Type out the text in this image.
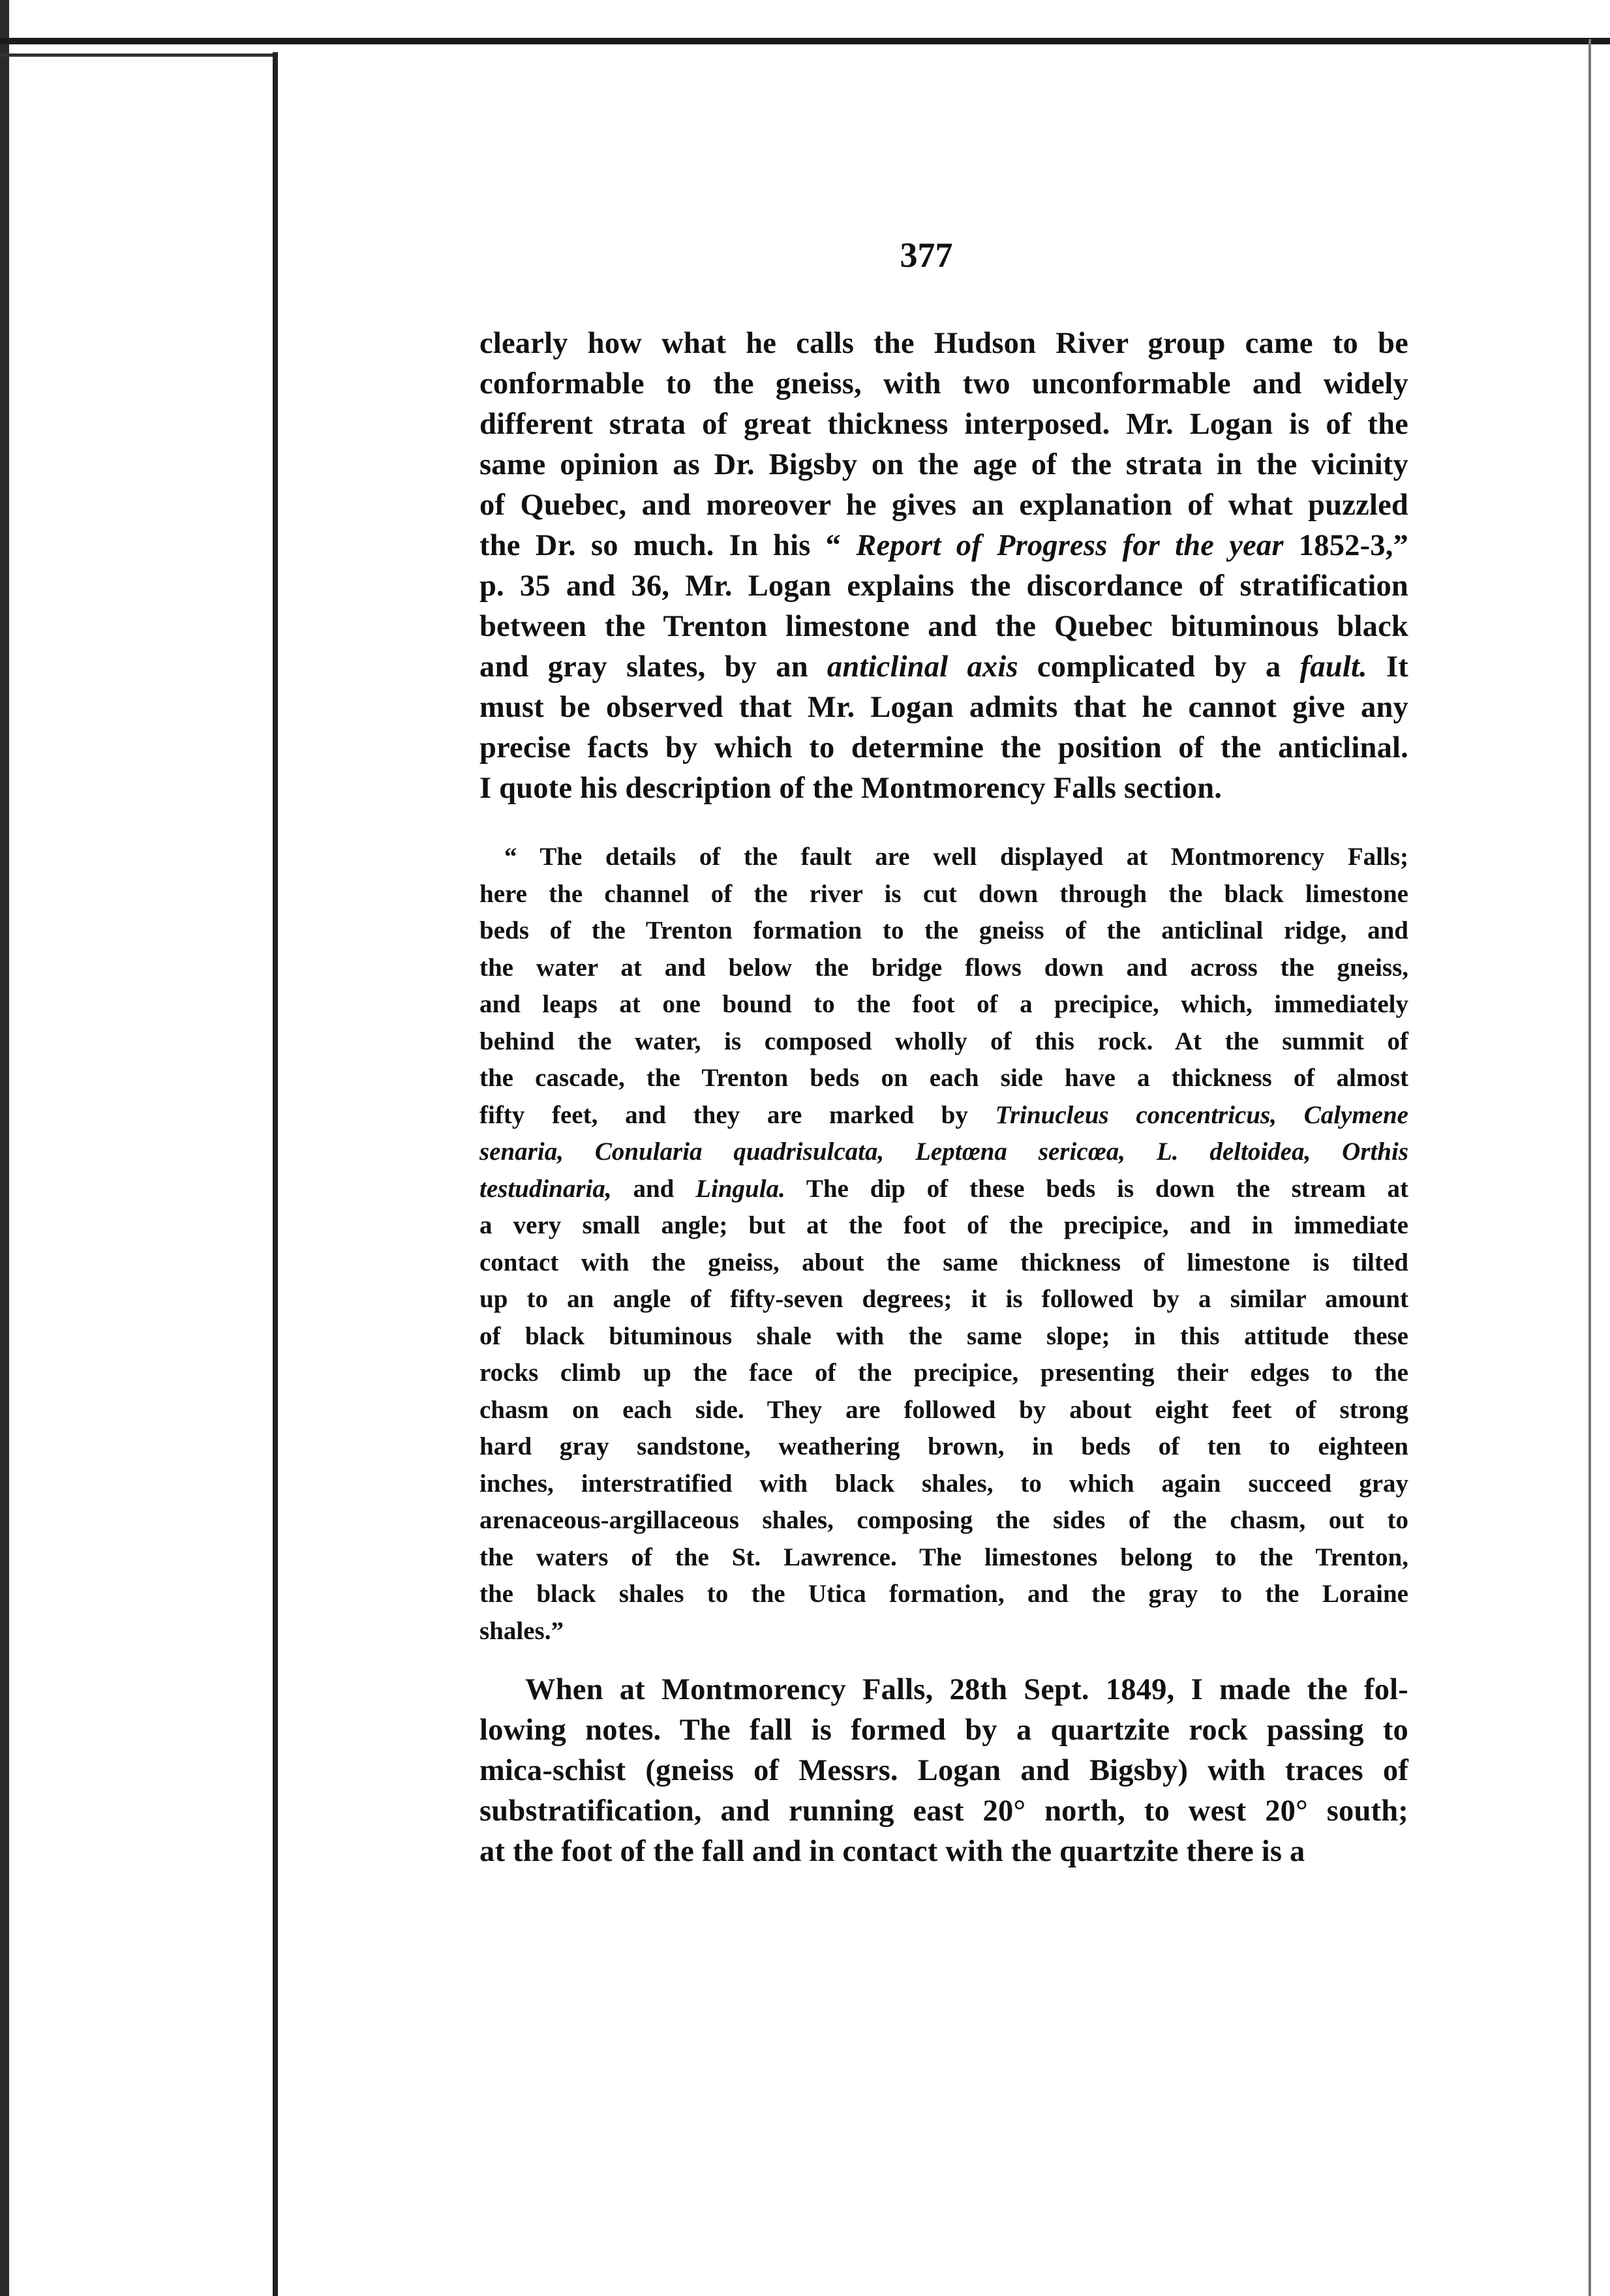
377
clearly how what he calls the Hudson River group came to be
conformable to the gneiss, with two unconformable and widely
different strata of great thickness interposed. Mr. Logan is of the
same opinion as Dr. Bigsby on the age of the strata in the vicinity
of Quebec, and moreover he gives an explanation of what puzzled
the Dr. so much. In his “ Report of Progress for the year 1852-3,”
p. 35 and 36, Mr. Logan explains the discordance of stratification
between the Trenton limestone and the Quebec bituminous black
and gray slates, by an anticlinal axis complicated by a fault. It
must be observed that Mr. Logan admits that he cannot give any
precise facts by which to determine the position of the anticlinal.
I quote his description of the Montmorency Falls section.
“ The details of the fault are well displayed at Montmorency Falls;
here the channel of the river is cut down through the black limestone
beds of the Trenton formation to the gneiss of the anticlinal ridge, and
the water at and below the bridge flows down and across the gneiss,
and leaps at one bound to the foot of a precipice, which, immediately
behind the water, is composed wholly of this rock. At the summit of
the cascade, the Trenton beds on each side have a thickness of almost
fifty feet, and they are marked by Trinucleus concentricus, Calymene
senaria, Conularia quadrisulcata, Leptœna sericœa, L. deltoidea, Orthis
testudinaria, and Lingula. The dip of these beds is down the stream at
a very small angle; but at the foot of the precipice, and in immediate
contact with the gneiss, about the same thickness of limestone is tilted
up to an angle of fifty-seven degrees; it is followed by a similar amount
of black bituminous shale with the same slope; in this attitude these
rocks climb up the face of the precipice, presenting their edges to the
chasm on each side. They are followed by about eight feet of strong
hard gray sandstone, weathering brown, in beds of ten to eighteen
inches, interstratified with black shales, to which again succeed gray
arenaceous-argillaceous shales, composing the sides of the chasm, out to
the waters of the St. Lawrence. The limestones belong to the Trenton,
the black shales to the Utica formation, and the gray to the Loraine
shales.”
When at Montmorency Falls, 28th Sept. 1849, I made the fol-
lowing notes. The fall is formed by a quartzite rock passing to
mica-schist (gneiss of Messrs. Logan and Bigsby) with traces of
substratification, and running east 20° north, to west 20° south;
at the foot of the fall and in contact with the quartzite there is a
